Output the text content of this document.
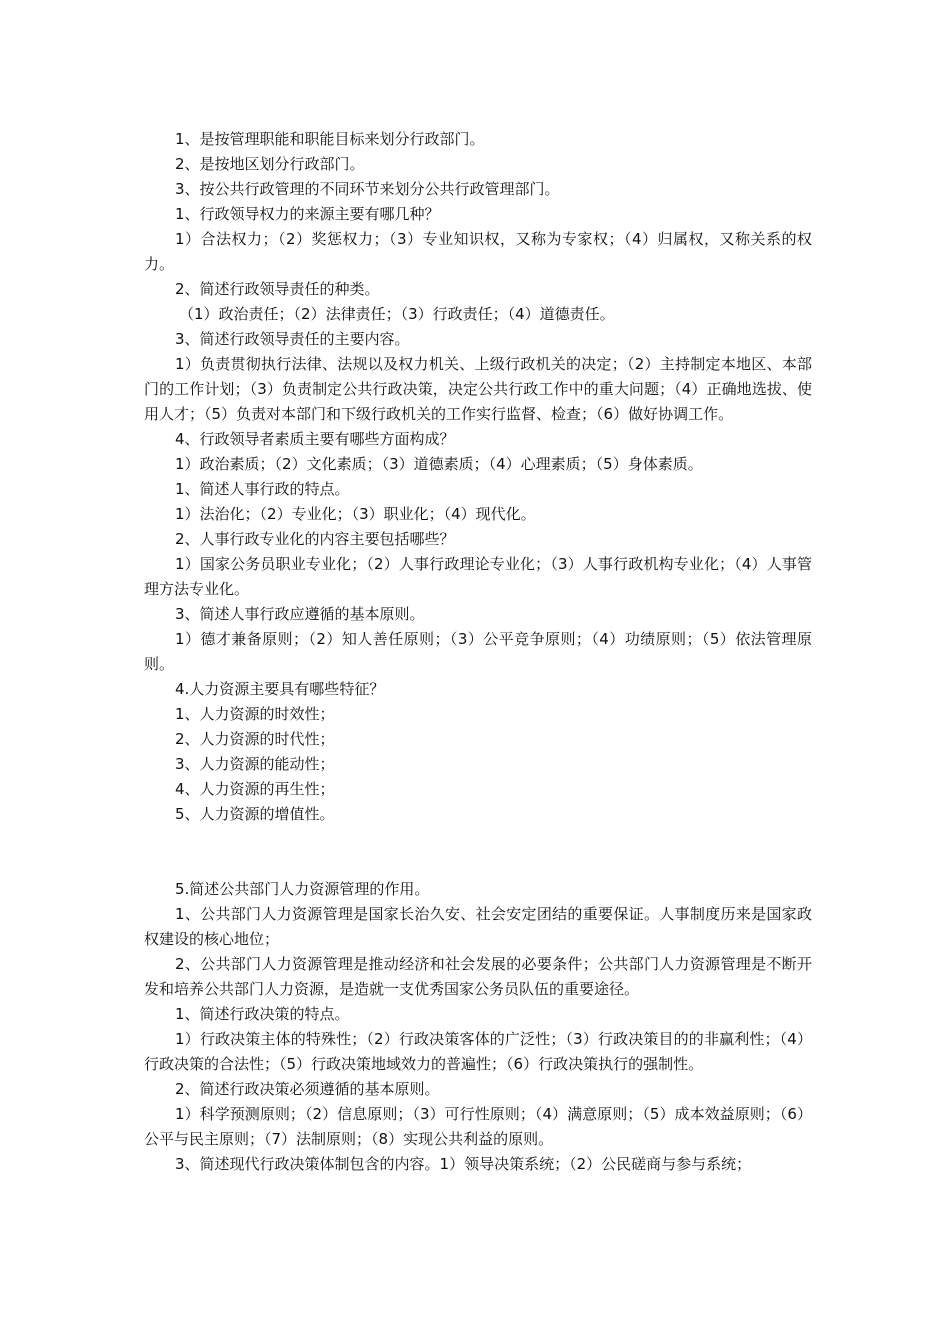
1、是按管理职能和职能目标来划分行政部门。

2、是按地区划分行政部门。

3、按公共行政管理的不同环节来划分公共行政管理部门。

1、行政领导权力的来源主要有哪几种？

1）合法权力；（2）奖惩权力；（3）专业知识权，又称为专家权；（4）归属权，又称关系的权力。

2、简述行政领导责任的种类。

（1）政治责任；（2）法律责任；（3）行政责任；（4）道德责任。

3、简述行政领导责任的主要内容。

1）负责贯彻执行法律、法规以及权力机关、上级行政机关的决定；（2）主持制定本地区、本部门的工作计划；（3）负责制定公共行政决策，决定公共行政工作中的重大问题；（4）正确地选拔、使用人才；（5）负责对本部门和下级行政机关的工作实行监督、检查；（6）做好协调工作。

4、行政领导者素质主要有哪些方面构成？

1）政治素质；（2）文化素质；（3）道德素质；（4）心理素质；（5）身体素质。

1、简述人事行政的特点。

1）法治化；（2）专业化；（3）职业化；（4）现代化。

2、人事行政专业化的内容主要包括哪些？

1）国家公务员职业专业化；（2）人事行政理论专业化；（3）人事行政机构专业化；（4）人事管理方法专业化。

3、简述人事行政应遵循的基本原则。

1）德才兼备原则；（2）知人善任原则；（3）公平竞争原则；（4）功绩原则；（5）依法管理原则。

4.人力资源主要具有哪些特征？

1、人力资源的时效性；

2、人力资源的时代性；

3、人力资源的能动性；

4、人力资源的再生性；

5、人力资源的增值性。

5.简述公共部门人力资源管理的作用。

1、公共部门人力资源管理是国家长治久安、社会安定团结的重要保证。人事制度历来是国家政权建设的核心地位；

2、公共部门人力资源管理是推动经济和社会发展的必要条件；公共部门人力资源管理是不断开发和培养公共部门人力资源，是造就一支优秀国家公务员队伍的重要途径。

1、简述行政决策的特点。

1）行政决策主体的特殊性；（2）行政决策客体的广泛性；（3）行政决策目的的非赢利性；（4）行政决策的合法性；（5）行政决策地域效力的普遍性；（6）行政决策执行的强制性。

2、简述行政决策必须遵循的基本原则。

1）科学预测原则；（2）信息原则；（3）可行性原则；（4）满意原则；（5）成本效益原则；（6）公平与民主原则；（7）法制原则；（8）实现公共利益的原则。

3、简述现代行政决策体制包含的内容。1）领导决策系统；（2）公民磋商与参与系统；
